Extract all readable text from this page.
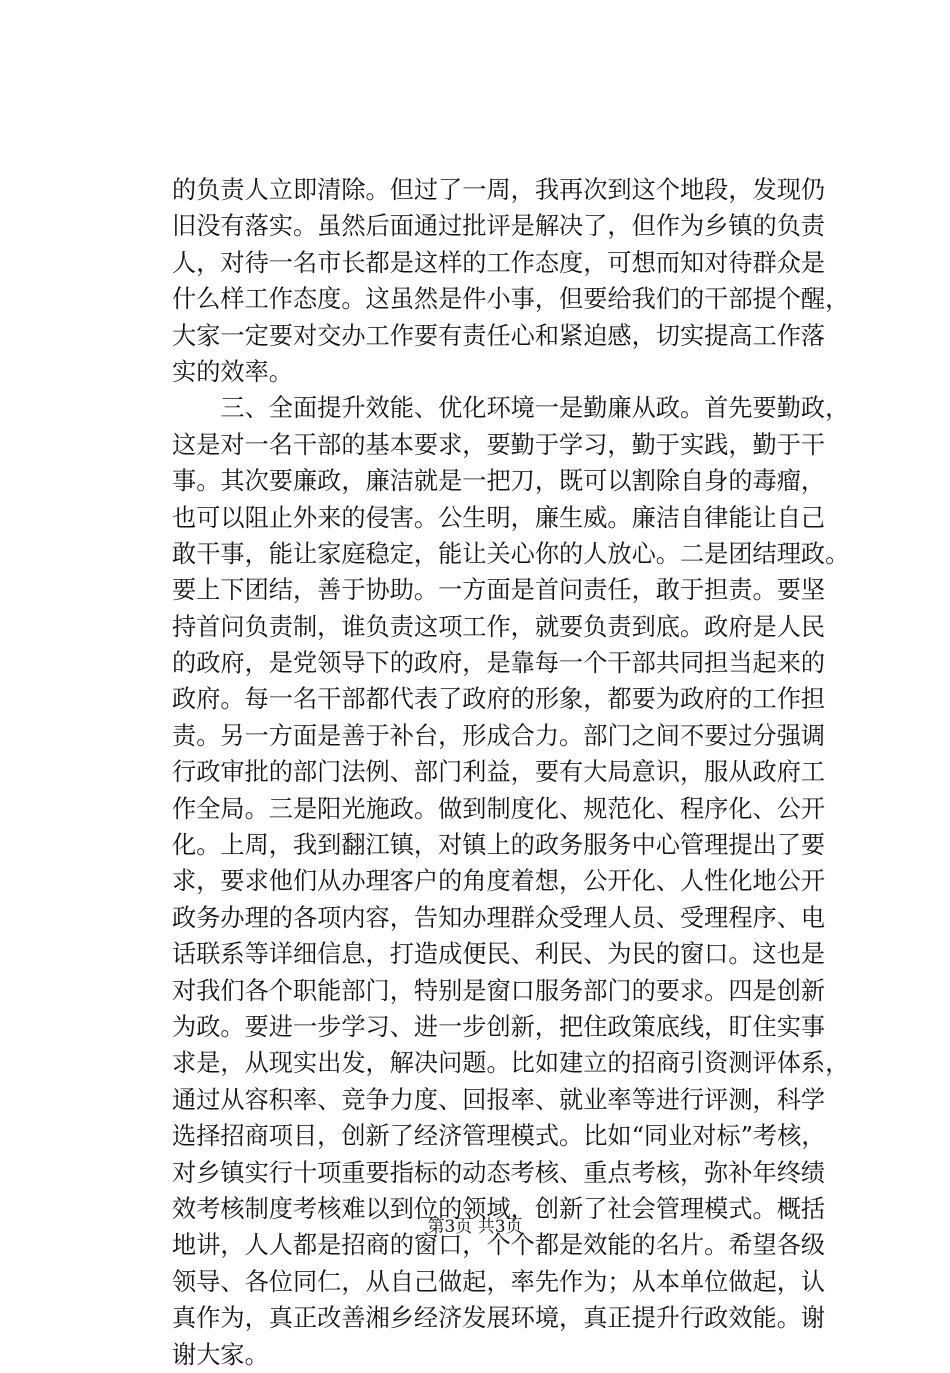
的负责人立即清除。但过了一周，我再次到这个地段，发现仍
旧没有落实。虽然后面通过批评是解决了，但作为乡镇的负责
人，对待一名市长都是这样的工作态度，可想而知对待群众是
什么样工作态度。这虽然是件小事，但要给我们的干部提个醒，
大家一定要对交办工作要有责任心和紧迫感，切实提高工作落
实的效率。
　　三、全面提升效能、优化环境一是勤廉从政。首先要勤政，
这是对一名干部的基本要求，要勤于学习，勤于实践，勤于干
事。其次要廉政，廉洁就是一把刀，既可以割除自身的毒瘤，
也可以阻止外来的侵害。公生明，廉生威。廉洁自律能让自己
敢干事，能让家庭稳定，能让关心你的人放心。二是团结理政。
要上下团结，善于协助。一方面是首问责任，敢于担责。要坚
持首问负责制，谁负责这项工作，就要负责到底。政府是人民
的政府，是党领导下的政府，是靠每一个干部共同担当起来的
政府。每一名干部都代表了政府的形象，都要为政府的工作担
责。另一方面是善于补台，形成合力。部门之间不要过分强调
行政审批的部门法例、部门利益，要有大局意识，服从政府工
作全局。三是阳光施政。做到制度化、规范化、程序化、公开
化。上周，我到翻江镇，对镇上的政务服务中心管理提出了要
求，要求他们从办理客户的角度着想，公开化、人性化地公开
政务办理的各项内容，告知办理群众受理人员、受理程序、电
话联系等详细信息，打造成便民、利民、为民的窗口。这也是
对我们各个职能部门，特别是窗口服务部门的要求。四是创新
为政。要进一步学习、进一步创新，把住政策底线，盯住实事
求是，从现实出发，解决问题。比如建立的招商引资测评体系，
通过从容积率、竞争力度、回报率、就业率等进行评测，科学
选择招商项目，创新了经济管理模式。比如“同业对标”考核，
对乡镇实行十项重要指标的动态考核、重点考核，弥补年终绩
效考核制度考核难以到位的领域，创新了社会管理模式。概括
地讲，人人都是招商的窗口，个个都是效能的名片。希望各级
领导、各位同仁，从自己做起，率先作为；从本单位做起，认
真作为，真正改善湘乡经济发展环境，真正提升行政效能。谢
谢大家。
第3页 共3页
